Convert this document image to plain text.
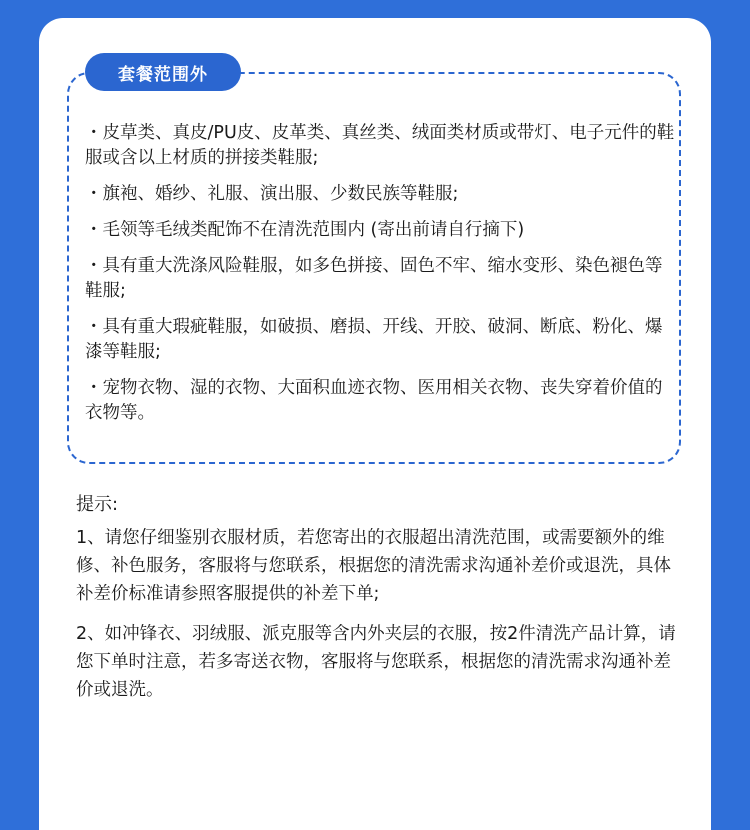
套餐范围外
・皮草类、真皮/PU皮、皮革类、真丝类、绒面类材质或带灯、电子元件的鞋服或含以上材质的拼接类鞋服;
・旗袍、婚纱、礼服、演出服、少数民族等鞋服;
・毛领等毛绒类配饰不在清洗范围内 (寄出前请自行摘下)
・具有重大洗涤风险鞋服，如多色拼接、固色不牢、缩水变形、染色褪色等鞋服;
・具有重大瑕疵鞋服，如破损、磨损、开线、开胶、破洞、断底、粉化、爆漆等鞋服;
・宠物衣物、湿的衣物、大面积血迹衣物、医用相关衣物、丧失穿着价值的衣物等。
提示:
1、请您仔细鉴别衣服材质，若您寄出的衣服超出清洗范围，或需要额外的维修、补色服务，客服将与您联系，根据您的清洗需求沟通补差价或退洗，具体补差价标准请参照客服提供的补差下单;
2、如冲锋衣、羽绒服、派克服等含内外夹层的衣服，按2件清洗产品计算，请您下单时注意，若多寄送衣物，客服将与您联系，根据您的清洗需求沟通补差价或退洗。
